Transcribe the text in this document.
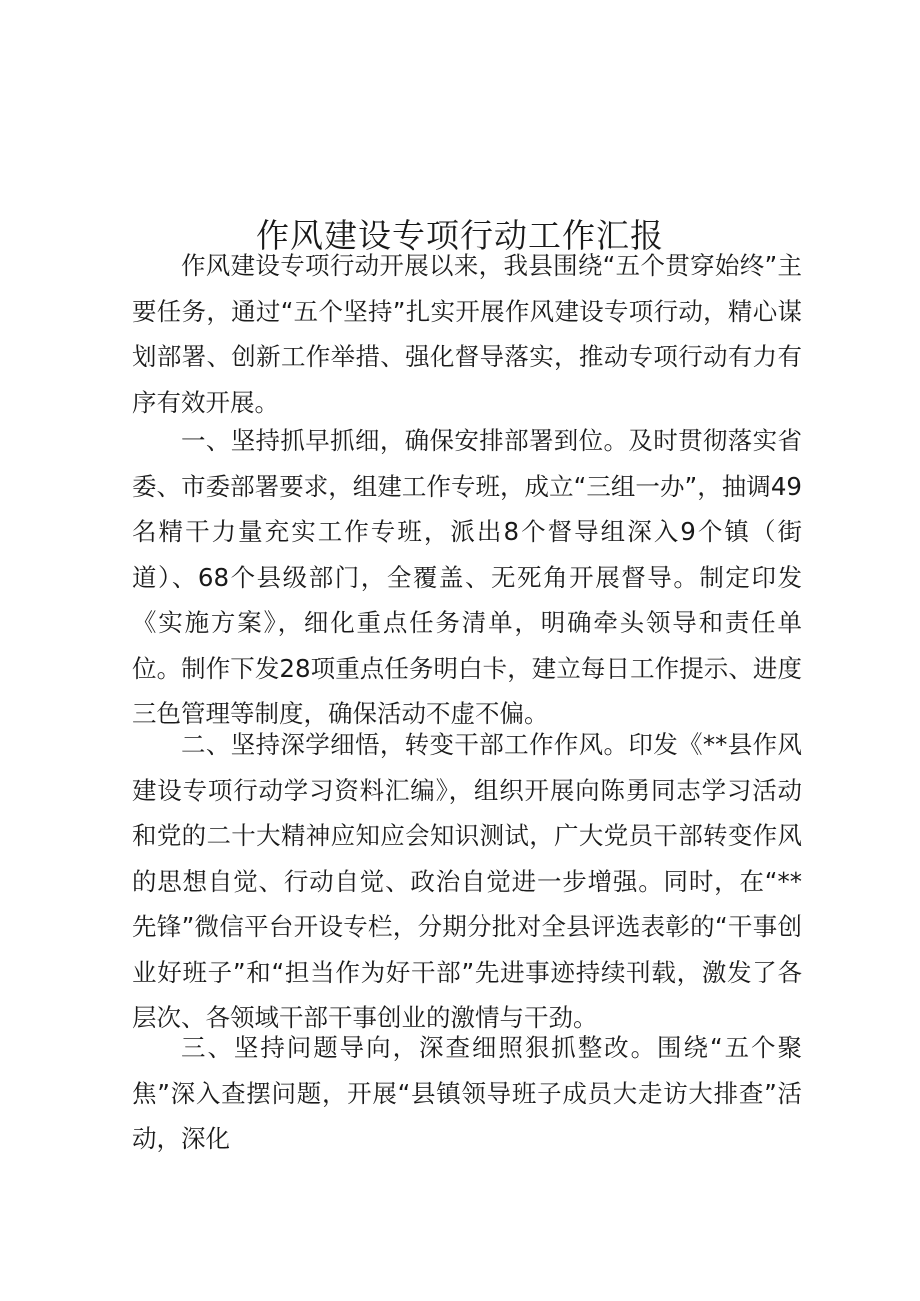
作风建设专项行动工作汇报

作风建设专项行动开展以来，我县围绕“五个贯穿始终”主要任务，通过“五个坚持”扎实开展作风建设专项行动，精心谋划部署、创新工作举措、强化督导落实，推动专项行动有力有序有效开展。

一、坚持抓早抓细，确保安排部署到位。及时贯彻落实省委、市委部署要求，组建工作专班，成立“三组一办”，抽调49名精干力量充实工作专班，派出8个督导组深入9个镇（街道）、68个县级部门，全覆盖、无死角开展督导。制定印发《实施方案》，细化重点任务清单，明确牵头领导和责任单位。制作下发28项重点任务明白卡，建立每日工作提示、进度三色管理等制度，确保活动不虚不偏。

二、坚持深学细悟，转变干部工作作风。印发《**县作风建设专项行动学习资料汇编》，组织开展向陈勇同志学习活动和党的二十大精神应知应会知识测试，广大党员干部转变作风的思想自觉、行动自觉、政治自觉进一步增强。同时，在“**先锋”微信平台开设专栏，分期分批对全县评选表彰的“干事创业好班子”和“担当作为好干部”先进事迹持续刊载，激发了各层次、各领域干部干事创业的激情与干劲。

三、坚持问题导向，深查细照狠抓整改。围绕“五个聚焦”深入查摆问题，开展“县镇领导班子成员大走访大排查”活动，深化
